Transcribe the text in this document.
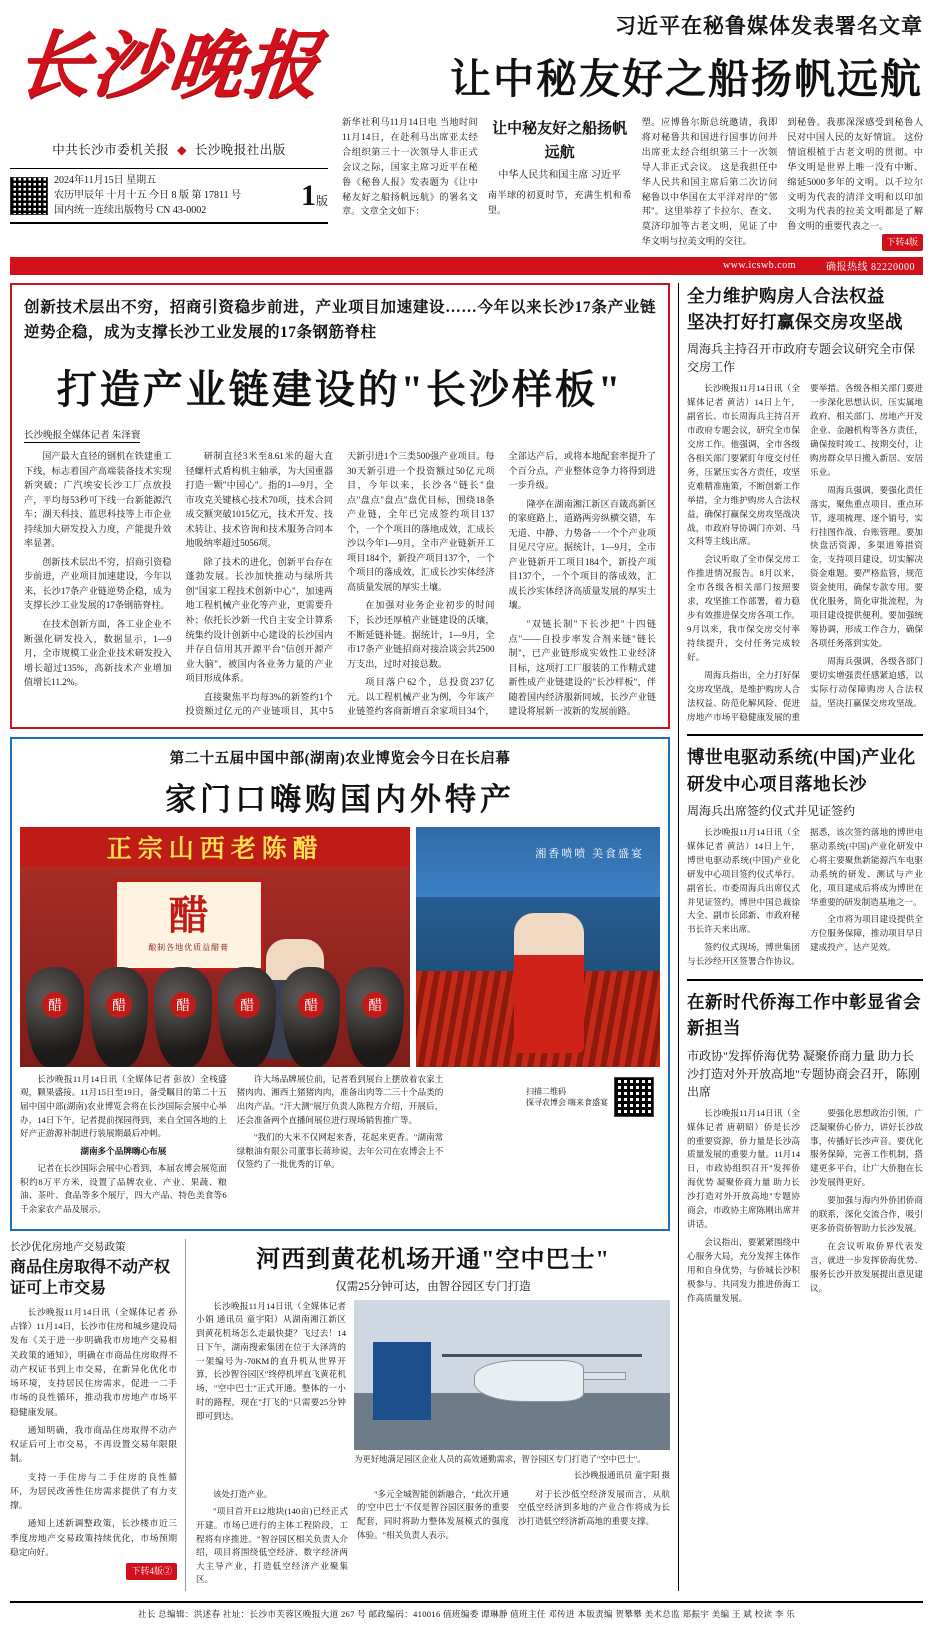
长沙晚报
中共长沙市委机关报 ◆ 长沙晚报社出版
2024年11月15日 星期五
农历甲辰年 十月十五 今日 8 版 第 17811 号
国内统一连续出版物号 CN 43-0002	1版
习近平在秘鲁媒体发表署名文章
让中秘友好之船扬帆远航
新华社利马11月14日电 当地时间11月14日，在赴利马出席亚太经合组织第三十一次领导人非正式会议之际，国家主席习近平在秘鲁《秘鲁人报》发表题为《让中秘友好之船扬帆远航》的署名文章。文章全文如下：
让中秘友好之船扬帆远航
中华人民共和国主席 习近平
南半球的初夏时节，充满生机和希望。
塑。应博鲁尔斯总统邀请，我即将对秘鲁共和国进行国事访问并出席亚太经合组织第三十一次领导人非正式会议。 这是我担任中华人民共和国主席后第二次访问秘鲁以中华国在太平洋对岸的"邻邦"。这里举荐了卡拉尔、查文、莫济印加等古老文明，见证了中华文明与拉美文明的交往。
到秘鲁。我那深深感受到秘鲁人民对中国人民的友好情谊。 这份情谊根植于古老文明的贯彻。中华文明是世界上唯一没有中断、绵延5000多年的文明。以千垃尔文明为代表的清洋文明和以印加文明为代表的拉美文明都是了解鲁文明的重要代表之一。
下转4版
www.icswb.com	确报热线 82220000
创新技术层出不穷，招商引资稳步前进，产业项目加速建设……今年以来长沙17条产业链逆势企稳，成为支撑长沙工业发展的17条钢筋脊柱
打造产业链建设的"长沙样板"
长沙晚报全媒体记者 朱泽寰

国产最大直径的钢机在铁建重工下线，标志着国产高端装备技术实现新突破；广汽埃安长沙工厂点放投产，平均每53秒可下线一台新能源汽车；湖天科技、蓝思科技等上市企业持续加大研发投入力度，产能提升效率显著。

创新技术层出不穷，招商引资稳步前进，产业项目加速建设，今年以来，长沙17条产业链逆势企稳，成为支撑长沙工业发展的17条钢筋脊柱。

在技术创新方面，各工业企业不断强化研发投入，数据显示，1—9月，全市规模工业企业技术研发投入增长超过135%，高新技术产业增加值增长11.2%。

研制直径3米至8.61米的超大直径螺杆式盾构机主轴承，为大国重器打造一颗"中国心"。指的1—9月，全市攻克关键核心技术70项，技术合同成交额突破1015亿元，技术开发、技术转让、技术咨询和技术服务合同本地吸纳率超过5056项。

除了技术的进化，创新平台存在蓬勃发展。长沙加快推动与绿所共创"国家工程技术创新中心"，加速两地工程机械产业化等产业，更需要升补；依托长沙新一代自主安全计算系统集约设计创新中心建设的长沙国内并存自信用其开源平台"信创开源产业大脑"，被国内各业务力量的产业项目形成体系。

直接聚焦平均每3%的新签约1个投资额过亿元的产业链项目，其中5天新引进1个三类500强产业项目。每30天新引进一个投资额过50亿元项目，今年以来，长沙各"链长"盘点"盘点"盘点"盘优目标，围绕18条产业链，全年已完成签约项目137个，一个个项目的落地成效，汇成长沙以今年1—9月，全市产业链新开工项目184个，新投产项目137个，一个个项目的落成效，汇成长沙实体经济高质量发展的厚实土壤。

在加强对业务企业初步的时间下，长沙还厚植产业链建设的沃壤，不断延链补链。据统计，1—9月，全市17条产业链招商对接洽谈会共2500万支出，过时对接总数。

项目落户62个，总投资237亿元。以工程机械产业为例，今年该产业链签约客商新增百余家项目34个，全部达产后，或将本地配套率提升了个百分点，产业整体竞争力将得到进一步升级。

隆亭在湖南湘江新区百箴高新区的家庭路上，道路两旁纵横交错，车无道、中静、力势备一一个个产业项目见尺守应。据统计，1—9月，全市产业链新开工项目184个，新投产项目137个，一个个项目的落成效，汇成长沙实体经济高质量发展的厚实土壤。

"双链长制"下长沙把"十四链点"——自投步率发合剂来链"链长制"，已产业链形成实效性工业经济目标，这项打工厂服装的工作精式建新性成产业链建设的"长沙样板"，伴随着国内经济服新同域，长沙产业链建设将展新一波新的发展前路。

第二十五届中国中部(湖南)农业博览会今日在长启幕
家门口嗨购国内外特产
正宗山西老陈醋
醋
酿制各地优质益醋膏
醋
醋
醋
醋
醋
醋
湘香喷喷 美食盛宴

长沙晚报11月14日讯（全媒体记者 彭放）全栈盛观，颗果盛接。11月15日至19日，备受瞩目的第二十五届中国中部(湖南)农业博览会将在长沙国际会展中心举办，14日下午，记者提前探园得到，来自全国各地的上好产正游源补制进行装展期最后冲刺。

湖南多个品牌嗨心布展

记者在长沙国际会展中心看到，本届农博会展览面积约8万平方米，设置了品牌农业、产业、果蔬、粮油、茶叶、食品等多个展厅，四大产品、特色美食等6千余家农产品及展示。

许大场品牌展位前，记者看到展台上摆放着农家土猪肉肉、湘西土猪猪肉肉，准备出肉等二三十个品类的出肉产品。"汗大测"展厅负责人陈程方介绍，开展后，还会准备两个直播间展位进行现场销售推广等。

"我们的大米不仅网起来香，花起来更香。"湖南常绿粮油有限公司董事长蒋珍说，去年公司在农博会上不仅签约了一批优秀的订单。

扫描二维码
探寻农博会 嗨来食盛宴
长沙优化房地产交易政策
商品住房取得不动产权证可上市交易

长沙晚报11月14日讯（全媒体记者 孙占锋）11月14日，长沙市住房和城乡建设局发布《关于进一步明确我市房地产交易相关政策的通知》，明确在市商品住房取得不动产权证书到上市交易，在新异化优化市场环境，支持居民住房需求，促进一二手市场的良性循环，推动我市房地产市场平稳健康发展。

通知明确，我市商品住房取得不动产权证后可上市交易，不再设置交易年限限制。

支持一手住房与二手住房的良性循环，为居民改善性住房需求提供了有力支撑。

通知上述新调整政策，长沙楼市近三季度房地产交易政策持续优化，市场预期稳定向好。

下转4版②
河西到黄花机场开通"空中巴士"
仅需25分钟可达，由智谷园区专门打造

长沙晚报11月14日讯（全媒体记者 小娟 通讯员 童宇阳）从湖南湘江新区到黄花机场怎么走最快捷？飞过去！14日下午，湖南搜索集团在位于大泽湾的一架编号为-70KM的直升机从世界开算，长沙智谷园区"终停机坪直飞黄花机场，"空中巴士"正式开通。整体的一小时的路程，现在"打飞的"只需要25分钟即可到达。

为更好地满足园区企业人员的高效通勤需求，智谷园区专门打造了"空中巴士"。
长沙晚报通讯员 童宇阳 摄

该处打造产业。

"项目首开E12地块(140亩)已经正式开建。市场已进行的主体工程阶段，工程将有序推进。"智谷园区相关负责人介绍，项目将围绕低空经济、数字经济两大主导产业，打造低空经济产业聚集区。

"多元全城智能创新融合，"此次开通的'空中巴士'不仅是智谷园区服务的重要配套，同时将助力整体发展模式的强度体验。"相关负责人表示。

对于长沙低空经济发展而言，从航空低空经济到多地的产业合作将成为长沙打造低空经济新高地的重要支撑。

全力维护购房人合法权益
坚决打好打赢保交房攻坚战
周海兵主持召开市政府专题会议研究全市保交房工作

长沙晚报11月14日讯（全媒体记者 黄洁）14日上午，副省长、市长周海兵主持召开市政府专题会议，研究全市保交房工作。他强调，全市各级各相关部门要紧盯年度交付任务，压紧压实各方责任，攻坚克难精准施策，不断创新工作举措，全力维护购房人合法权益，确保打赢保交房攻坚战决战，市政府导协调门亦刘、马文科等主线出席。

会议听取了全市保交房工作推进情况报告。8月以来，全市各级各相关部门按照要求，攻坚推工作部署，着力稳步有效推进保交房各项工作。9月以来，我市保交房交付率持续提升，交付任务完成较好。

周海兵指出，全力打好保交房攻坚战，是维护购房人合法权益、防范化解风险、促进房地产市场平稳健康发展的重要举措。各级各相关部门要进一步深化思想认识，压实属地政府、相关部门、房地产开发企业、金融机构等各方责任，确保按时竣工、按期交付，让购房群众早日搬入新居、安居乐业。

周海兵强调，要强化责任落实，聚焦重点项目、重点环节，逐项梳理、逐个销号，实行挂图作战、台账管理。要加快盘活资源，多渠道筹措资金，支持项目建设，切实解决资金难题。要严格监管，规范资金使用，确保专款专用。要优化服务，简化审批流程，为项目建设提供便利。要加强统筹协调，形成工作合力，确保各项任务落到实处。

周海兵强调，各级各部门要切实增强责任感紧迫感，以实际行动保障购房人合法权益，坚决打赢保交房攻坚战。

博世电驱动系统(中国)产业化
研发中心项目落地长沙
周海兵出席签约仪式并见证签约

长沙晚报11月14日讯（全媒体记者 黄洁）14日上午，博世电驱动系统(中国)产业化研发中心项目签约仪式举行。副省长、市委周海兵出席仪式并见证签约。博世中国总裁徐大全、副市长邱新、市政府秘书长许天来出席。

签约仪式现场，博世集团与长沙经开区签署合作协议。据悉，该次签约落地的博世电驱动系统(中国)产业化研发中心将主要聚焦新能源汽车电驱动系统的研发、测试与产业化，项目建成后将成为博世在华重要的研发制造基地之一。

全市将为项目建设提供全方位服务保障，推动项目早日建成投产、达产见效。

在新时代侨海工作中彰显省会新担当
市政协"发挥侨海优势 凝聚侨商力量 助力长沙打造对外开放高地"专题协商会召开，陈刚出席

长沙晚报11月14日讯（全媒体记者 唐朝昭）侨是长沙的重要资源，侨力量是长沙高质量发展的重要力量。11月14日，市政协组织召开"发挥侨海优势 凝聚侨商力量 助力长沙打造对外开放高地"专题协商会，市政协主席陈刚出席并讲话。

会议指出，要紧紧围绕中心服务大局，充分发挥主体作用和自身优势，与侨城长沙积极参与、共同发力推进侨海工作高质量发展。

要强化思想政治引领，广泛凝聚侨心侨力，讲好长沙故事，传播好长沙声音。要优化服务保障，完善工作机制，搭建更多平台，让广大侨胞在长沙发展得更好。

要加强与海内外侨团侨商的联系，深化交流合作，吸引更多侨资侨智助力长沙发展。

在会议听取侨界代表发言，就进一步发挥侨海优势、服务长沙开放发展提出意见建议。

社长 总编辑：洪述春 社址：长沙市芙蓉区晚报大道 267 号 邮政编码：410016 值班编委 谭琳静 值班主任 邓传进 本版责编 贺攀攀 美术总监 郑振宇 美编 王 斌 校读 李 乐
